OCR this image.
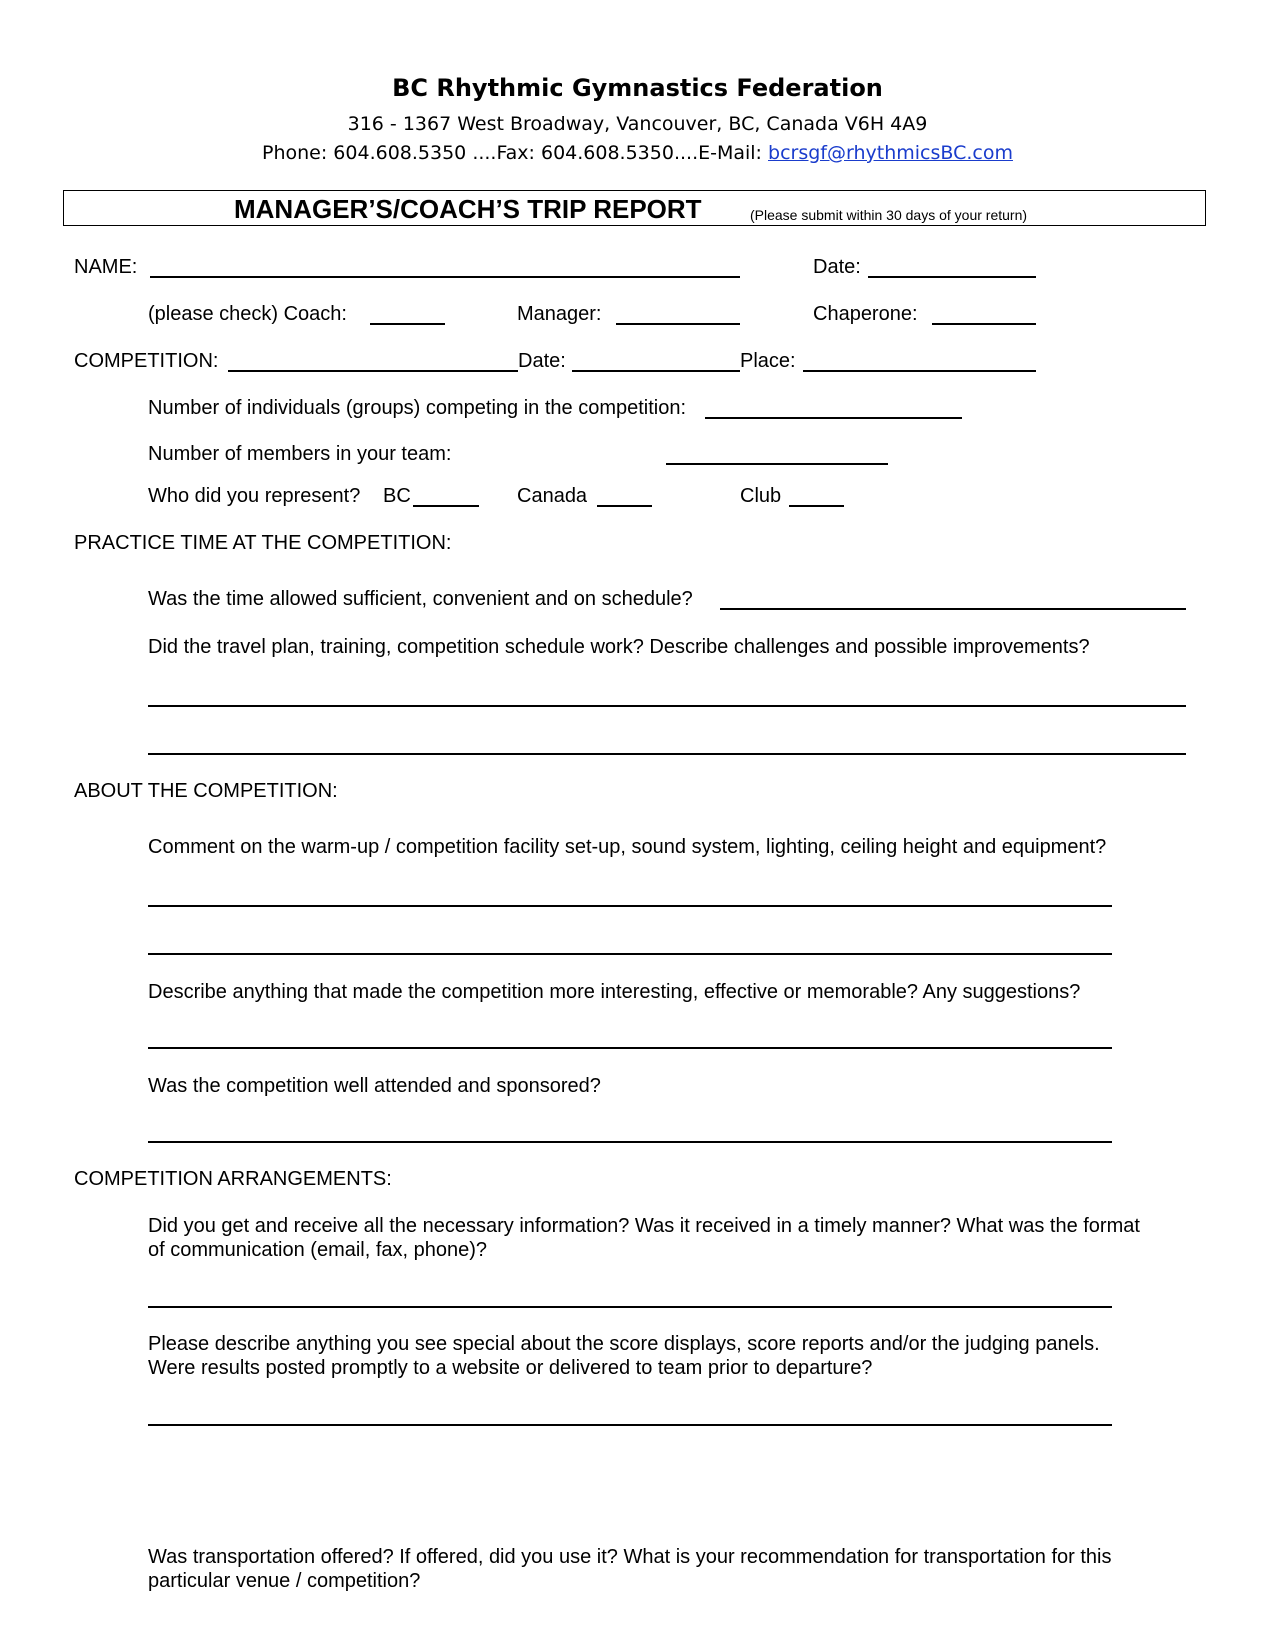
BC Rhythmic Gymnastics Federation
316 - 1367 West Broadway, Vancouver, BC, Canada V6H 4A9
Phone: 604.608.5350 ....Fax: 604.608.5350....E-Mail: bcrsgf@rhythmicsBC.com
MANAGER’S/COACH’S TRIP REPORT	(Please submit within 30 days of your return)
NAME:	Date:
(please check) Coach:	Manager:	Chaperone:
COMPETITION:	Date:	Place:
Number of individuals (groups) competing in the competition:
Number of members in your team:
Who did you represent? BC	Canada	Club
PRACTICE TIME AT THE COMPETITION:
Was the time allowed sufficient, convenient and on schedule?
Did the travel plan, training, competition schedule work? Describe challenges and possible improvements?
ABOUT THE COMPETITION:
Comment on the warm-up / competition facility set-up, sound system, lighting, ceiling height and equipment?
Describe anything that made the competition more interesting, effective or memorable? Any suggestions?
Was the competition well attended and sponsored?
COMPETITION ARRANGEMENTS:
Did you get and receive all the necessary information? Was it received in a timely manner? What was the format
of communication (email, fax, phone)?
Please describe anything you see special about the score displays, score reports and/or the judging panels.
Were results posted promptly to a website or delivered to team prior to departure?
Was transportation offered? If offered, did you use it? What is your recommendation for transportation for this
particular venue / competition?
